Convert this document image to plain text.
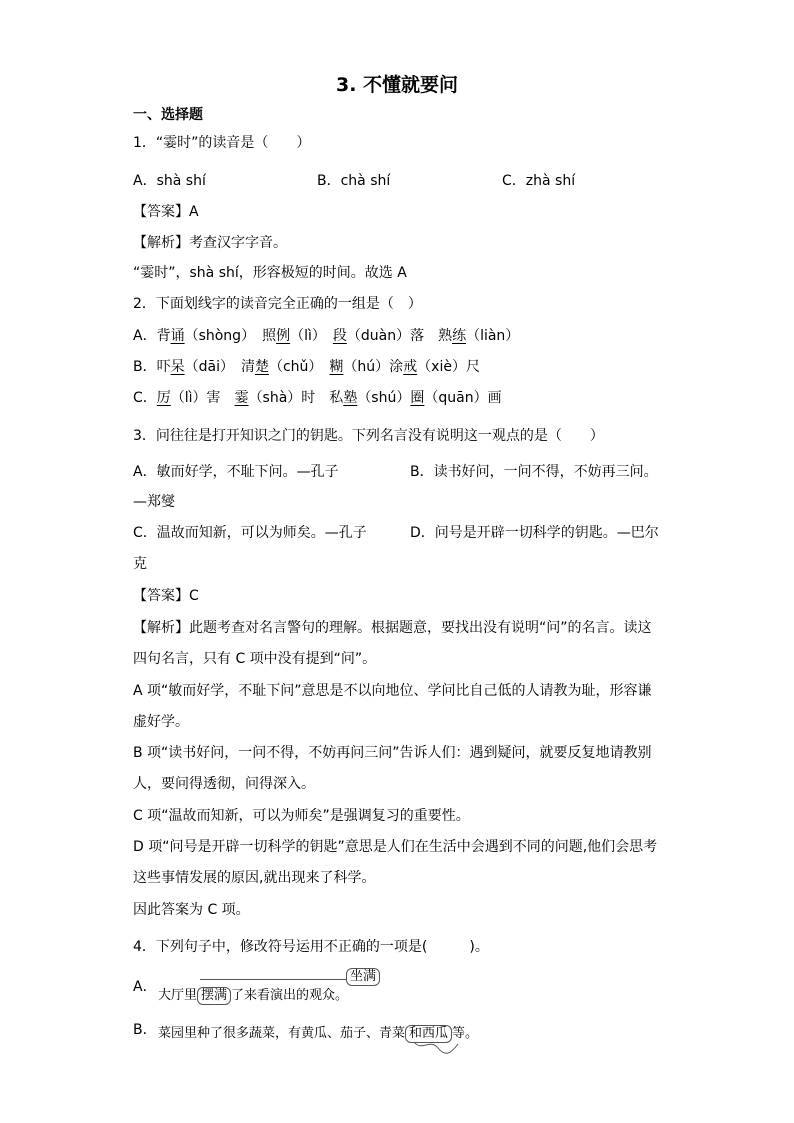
3. 不懂就要问
一、选择题
1．“霎时”的读音是（　　）
A．shà shí	B．chà shí	C．zhà shí
【答案】A
【解析】考查汉字字音。
“霎时”，shà shí，形容极短的时间。故选 A
2．下面划线字的读音完全正确的一组是（　）
A．背诵（shòng）　照例（lì）　段（duàn）落　熟练（liàn）
B．吓呆（dāi）　清楚（chǔ）　糊（hú）涂戒（xiè）尺
C．厉（lì）害　霎（shà）时　私塾（shú）圈（quān）画
3．问往往是打开知识之门的钥匙。下列名言没有说明这一观点的是（　　）
A．敏而好学，不耻下问。—孔子	B．读书好问，一问不得，不妨再三问。
—郑燮
C．温故而知新，可以为师矣。—孔子	D．问号是开辟一切科学的钥匙。—巴尔
克
【答案】C
【解析】此题考查对名言警句的理解。根据题意，要找出没有说明“问”的名言。读这
四句名言，只有 C 项中没有提到“问”。
A 项“敏而好学，不耻下问”意思是不以向地位、学问比自己低的人请教为耻，形容谦
虚好学。
B 项“读书好问，一问不得，不妨再问三问”告诉人们：遇到疑问，就要反复地请教别
人，要问得透彻，问得深入。
C 项“温故而知新，可以为师矣”是强调复习的重要性。
D 项“问号是开辟一切科学的钥匙”意思是人们在生活中会遇到不同的问题,他们会思考
这些事情发展的原因,就出现来了科学。
因此答案为 C 项。
4．下列句子中，修改符号运用不正确的一项是(　　　)。
A．
坐满
大厅里 摆满 了来看演出的观众。
B． 菜园里种了很多蔬菜，有黄瓜、茄子、青菜 和西瓜 等。
